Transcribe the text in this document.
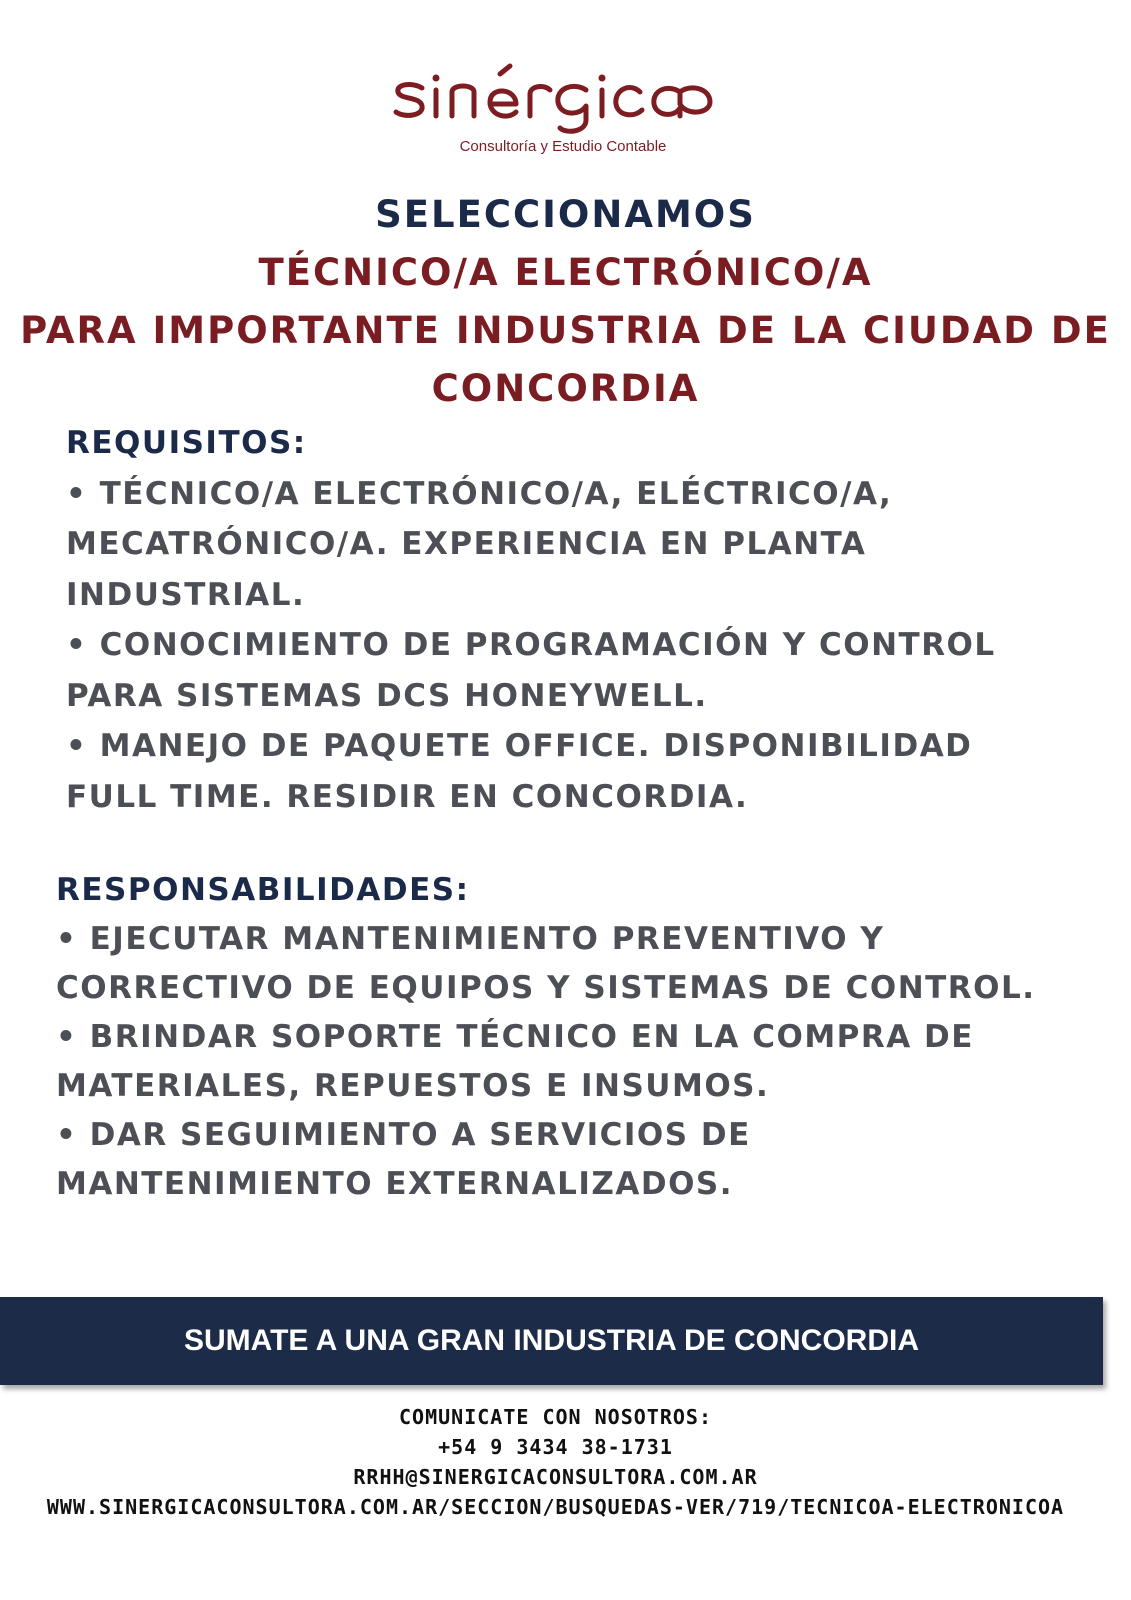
Consultoría y Estudio Contable
SELECCIONAMOS
TÉCNICO/A ELECTRÓNICO/A
PARA IMPORTANTE INDUSTRIA DE LA CIUDAD DE CONCORDIA
REQUISITOS:
• TÉCNICO/A ELECTRÓNICO/A, ELÉCTRICO/A, MECATRÓNICO/A. EXPERIENCIA EN PLANTA INDUSTRIAL.
• CONOCIMIENTO DE PROGRAMACIÓN Y CONTROL PARA SISTEMAS DCS HONEYWELL.
• MANEJO DE PAQUETE OFFICE. DISPONIBILIDAD FULL TIME. RESIDIR EN CONCORDIA.
RESPONSABILIDADES:
• EJECUTAR MANTENIMIENTO PREVENTIVO Y CORRECTIVO DE EQUIPOS Y SISTEMAS DE CONTROL.
• BRINDAR SOPORTE TÉCNICO EN LA COMPRA DE MATERIALES, REPUESTOS E INSUMOS.
• DAR SEGUIMIENTO A SERVICIOS DE MANTENIMIENTO EXTERNALIZADOS.
SUMATE A UNA GRAN INDUSTRIA DE CONCORDIA
COMUNICATE CON NOSOTROS:
+54 9 3434 38-1731
RRHH@SINERGICACONSULTORA.COM.AR
WWW.SINERGICACONSULTORA.COM.AR/SECCION/BUSQUEDAS-VER/719/TECNICOA-ELECTRONICOA
